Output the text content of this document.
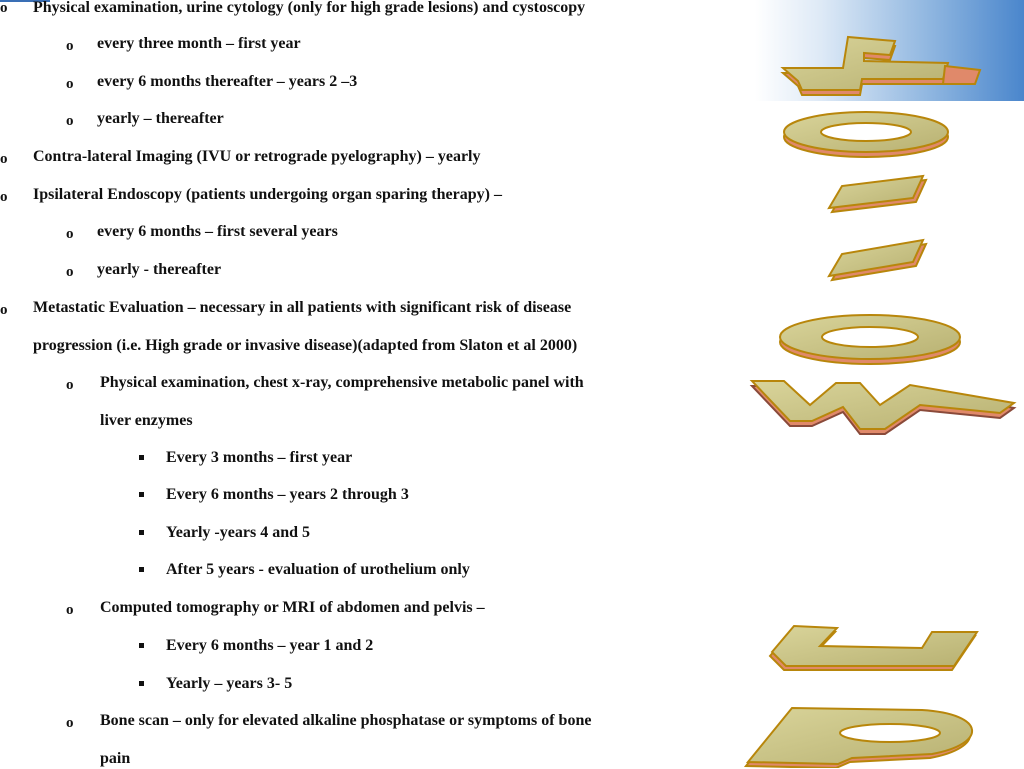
o Physical examination, urine cytology (only for high grade lesions) and cystoscopy
o every three month – first year
o every 6 months thereafter – years 2 –3
o yearly – thereafter
o Contra-lateral Imaging (IVU or retrograde pyelography) – yearly
o Ipsilateral Endoscopy (patients undergoing organ sparing therapy) –
o every 6 months – first several years
o yearly - thereafter
o Metastatic Evaluation – necessary in all patients with significant risk of disease
progression (i.e. High grade or invasive disease)(adapted from Slaton et al 2000)
o Physical examination, chest x-ray, comprehensive metabolic panel with
liver enzymes
Every 3 months – first year
Every 6 months – years 2 through 3
Yearly -years 4 and 5
After 5 years - evaluation of urothelium only
o Computed tomography or MRI of abdomen and pelvis –
Every 6 months – year 1 and 2
Yearly – years 3- 5
o Bone scan – only for elevated alkaline phosphatase or symptoms of bone
pain
